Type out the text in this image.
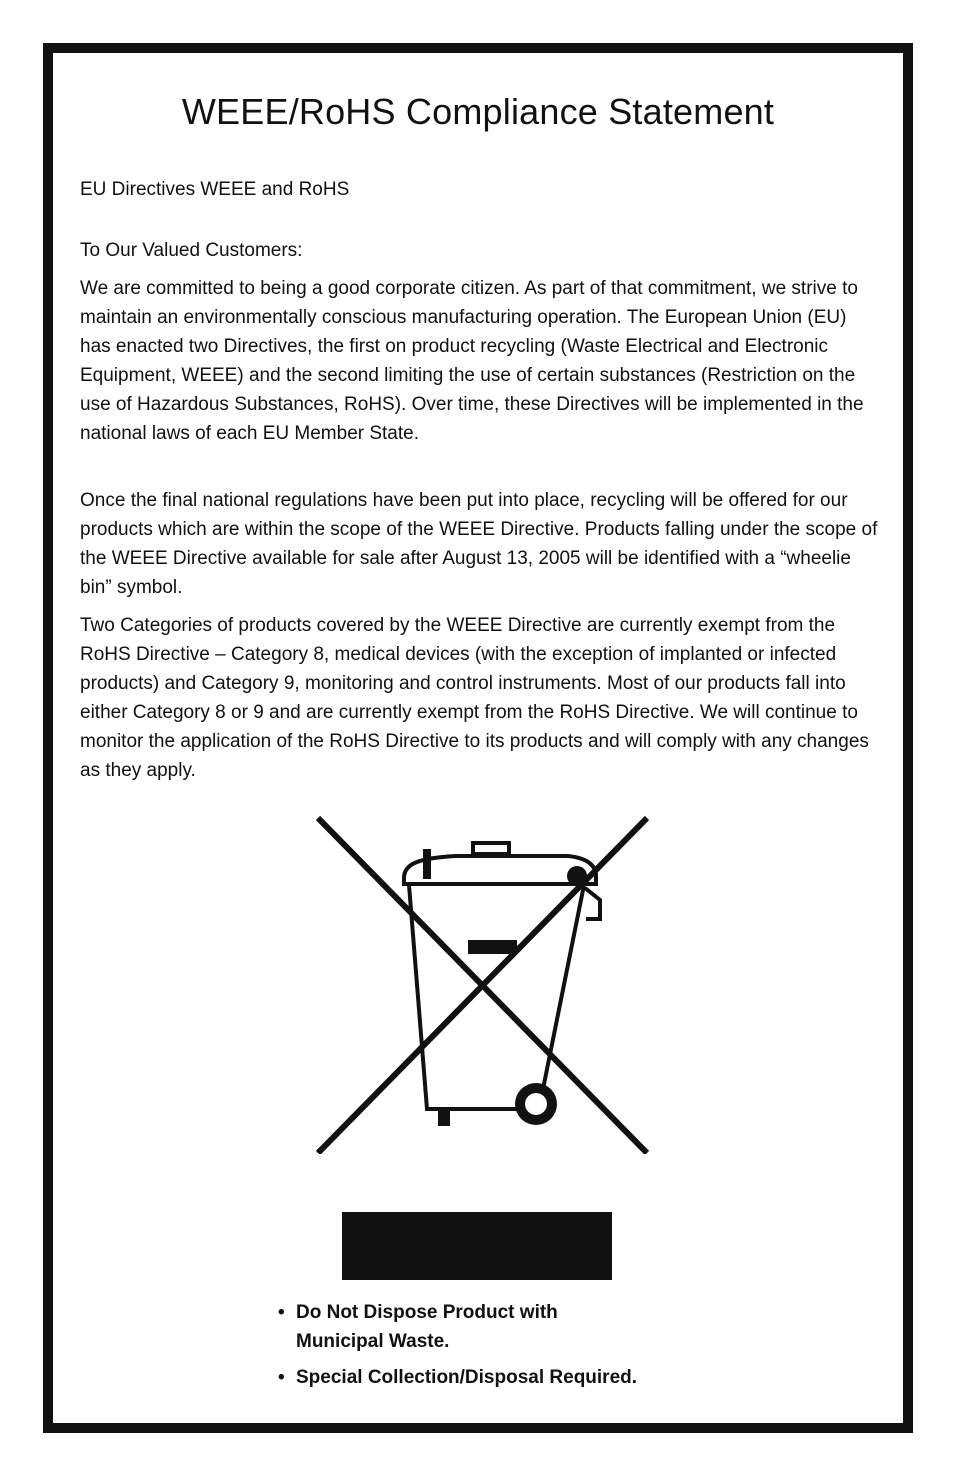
WEEE/RoHS Compliance Statement
EU Directives WEEE and RoHS
To Our Valued Customers:
We are committed to being a good corporate citizen. As part of that commitment, we strive to maintain an environmentally conscious manufacturing operation. The European Union (EU) has enacted two Directives, the first on product recycling (Waste Electrical and Electronic Equipment, WEEE) and the second limiting the use of certain substances (Restriction on the use of Hazardous Substances, RoHS). Over time, these Directives will be implemented in the national laws of each EU Member State.
Once the final national regulations have been put into place, recycling will be offered for our products which are within the scope of the WEEE Directive. Products falling under the scope of the WEEE Directive available for sale after August 13, 2005 will be identified with a “wheelie bin” symbol.
Two Categories of products covered by the WEEE Directive are currently exempt from the RoHS Directive – Category 8, medical devices (with the exception of implanted or infected products) and Category 9, monitoring and control instruments. Most of our products fall into either Category 8 or 9 and are currently exempt from the RoHS Directive. We will continue to monitor the application of the RoHS Directive to its products and will comply with any changes as they apply.
• Do Not Dispose Product with Municipal Waste.
• Special Collection/Disposal Required.
